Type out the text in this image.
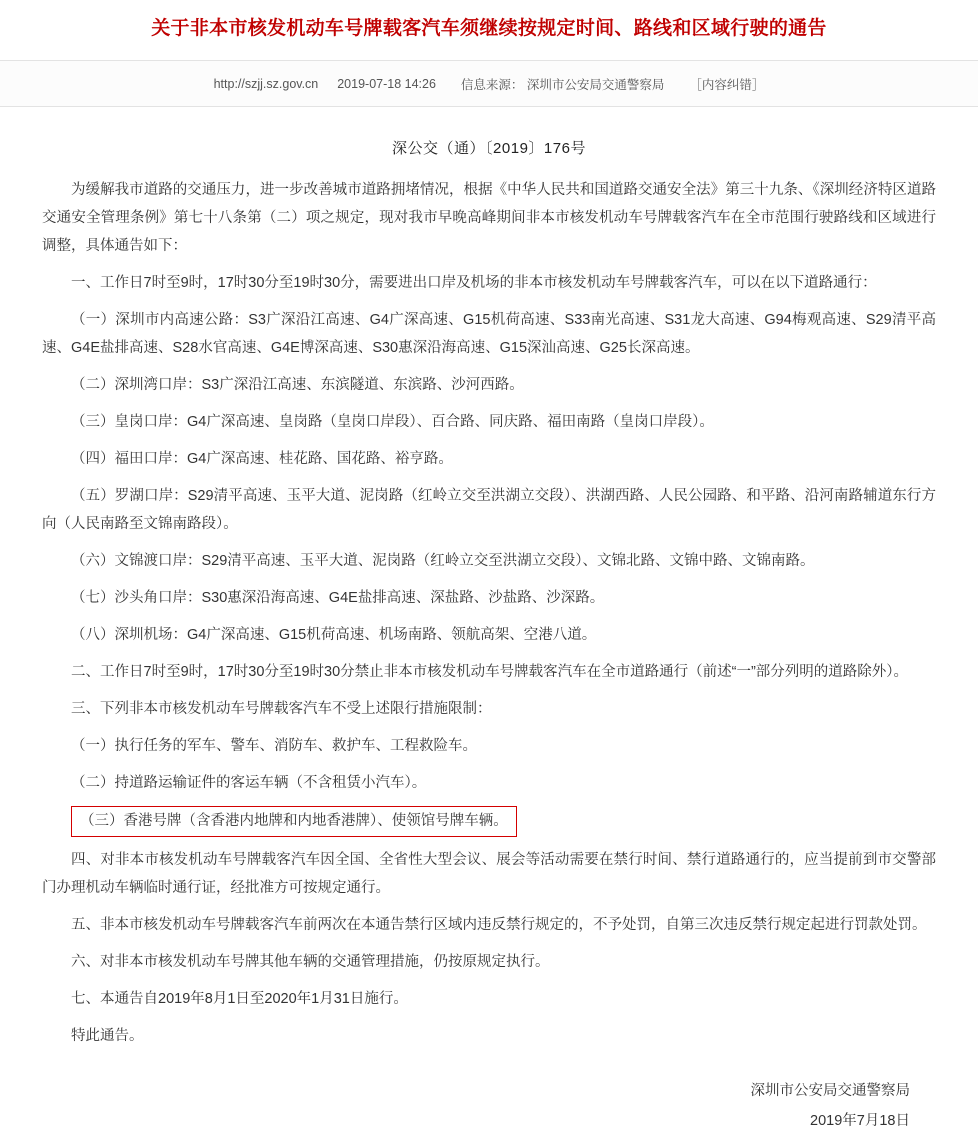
关于非本市核发机动车号牌载客汽车须继续按规定时间、路线和区域行驶的通告
http://szjj.sz.gov.cn 2019-07-18 14:26 信息来源： 深圳市公安局交通警察局 ［内容纠错］
深公交（通）〔2019〕176号

为缓解我市道路的交通压力，进一步改善城市道路拥堵情况，根据《中华人民共和国道路交通安全法》第三十九条、《深圳经济特区道路交通安全管理条例》第七十八条第（二）项之规定，现对我市早晚高峰期间非本市核发机动车号牌载客汽车在全市范围行驶路线和区域进行调整，具体通告如下：

一、工作日7时至9时，17时30分至19时30分，需要进出口岸及机场的非本市核发机动车号牌载客汽车，可以在以下道路通行：

（一）深圳市内高速公路：S3广深沿江高速、G4广深高速、G15机荷高速、S33南光高速、S31龙大高速、G94梅观高速、S29清平高速、G4E盐排高速、S28水官高速、G4E博深高速、S30惠深沿海高速、G15深汕高速、G25长深高速。

（二）深圳湾口岸：S3广深沿江高速、东滨隧道、东滨路、沙河西路。

（三）皇岗口岸：G4广深高速、皇岗路（皇岗口岸段）、百合路、同庆路、福田南路（皇岗口岸段）。

（四）福田口岸：G4广深高速、桂花路、国花路、裕亨路。

（五）罗湖口岸：S29清平高速、玉平大道、泥岗路（红岭立交至洪湖立交段）、洪湖西路、人民公园路、和平路、沿河南路辅道东行方向（人民南路至文锦南路段）。

（六）文锦渡口岸：S29清平高速、玉平大道、泥岗路（红岭立交至洪湖立交段）、文锦北路、文锦中路、文锦南路。

（七）沙头角口岸：S30惠深沿海高速、G4E盐排高速、深盐路、沙盐路、沙深路。

（八）深圳机场：G4广深高速、G15机荷高速、机场南路、领航高架、空港八道。

二、工作日7时至9时，17时30分至19时30分禁止非本市核发机动车号牌载客汽车在全市道路通行（前述“一”部分列明的道路除外）。

三、下列非本市核发机动车号牌载客汽车不受上述限行措施限制：

（一）执行任务的军车、警车、消防车、救护车、工程救险车。

（二）持道路运输证件的客运车辆（不含租赁小汽车）。

（三）香港号牌（含香港内地牌和内地香港牌）、使领馆号牌车辆。

四、对非本市核发机动车号牌载客汽车因全国、全省性大型会议、展会等活动需要在禁行时间、禁行道路通行的，应当提前到市交警部门办理机动车辆临时通行证，经批准方可按规定通行。

五、非本市核发机动车号牌载客汽车前两次在本通告禁行区域内违反禁行规定的，不予处罚，自第三次违反禁行规定起进行罚款处罚。

六、对非本市核发机动车号牌其他车辆的交通管理措施，仍按原规定执行。

七、本通告自2019年8月1日至2020年1月31日施行。

特此通告。

深圳市公安局交通警察局
2019年7月18日
